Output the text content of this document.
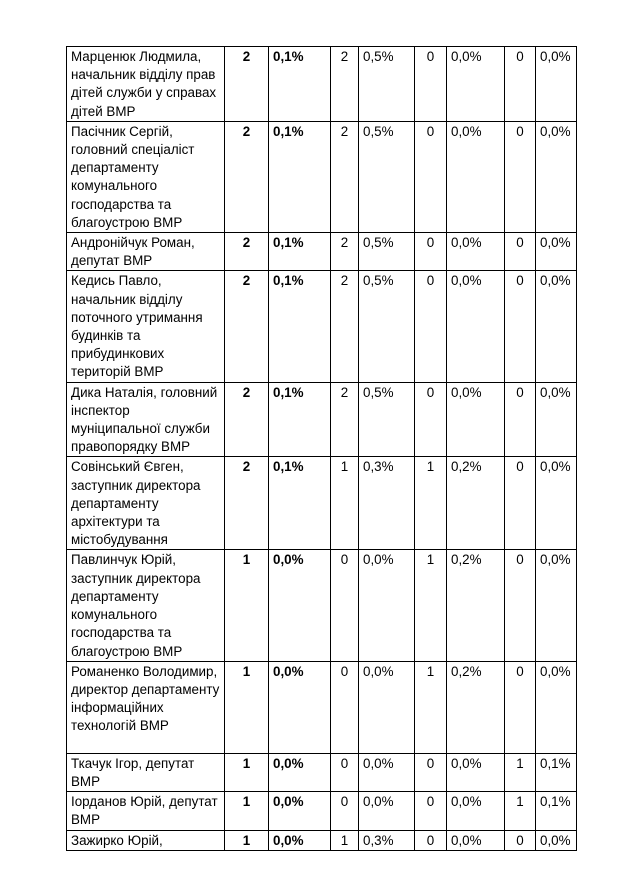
Марценюк Людмила, начальник відділу прав дітей служби у справах дітей ВМР	2	0,1%	2	0,5%	0	0,0%	0	0,0%
Пасічник Сергій, головний спеціаліст департаменту комунального господарства та благоустрою ВМР	2	0,1%	2	0,5%	0	0,0%	0	0,0%
Андронійчук Роман, депутат ВМР	2	0,1%	2	0,5%	0	0,0%	0	0,0%
Кедись Павло, начальник відділу поточного утримання будинків та прибудинкових територій ВМР	2	0,1%	2	0,5%	0	0,0%	0	0,0%
Дика Наталія, головний інспектор муніципальної служби правопорядку ВМР	2	0,1%	2	0,5%	0	0,0%	0	0,0%
Совінський Євген, заступник директора департаменту архітектури та містобудування	2	0,1%	1	0,3%	1	0,2%	0	0,0%
Павлинчук Юрій, заступник директора департаменту комунального господарства та благоустрою ВМР	1	0,0%	0	0,0%	1	0,2%	0	0,0%
Романенко Володимир, директор департаменту інформаційних технологій ВМР	1	0,0%	0	0,0%	1	0,2%	0	0,0%
Ткачук Ігор, депутат ВМР	1	0,0%	0	0,0%	0	0,0%	1	0,1%
Іорданов Юрій, депутат ВМР	1	0,0%	0	0,0%	0	0,0%	1	0,1%
Зажирко Юрій,	1	0,0%	1	0,3%	0	0,0%	0	0,0%
